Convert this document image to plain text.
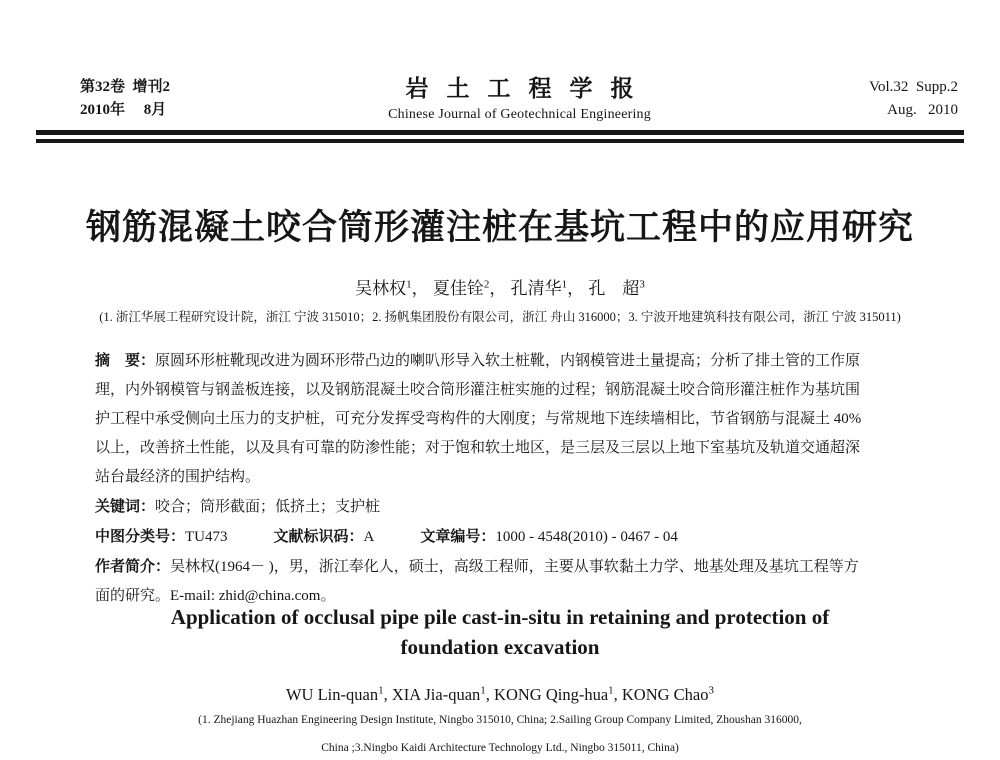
第32卷  增刊2
2010年　 8月
岩土工程学报
Chinese Journal of Geotechnical Engineering
Vol.32  Supp.2
Aug.   2010
钢筋混凝土咬合筒形灌注桩在基坑工程中的应用研究
吴林权$^1$， 夏佳铨$^2$， 孔清华$^1$， 孔　超$^3$
(1. 浙江华展工程研究设计院，浙江 宁波 315010；2. 扬帆集团股份有限公司，浙江 舟山 316000；3. 宁波开地建筑科技有限公司，浙江 宁波 315011)
摘　要：原圆环形桩靴现改进为圆环形带凸边的喇叭形导入软土桩靴，内钢模管进土量提高；分析了排土管的工作原
理，内外钢模管与钢盖板连接，以及钢筋混凝土咬合筒形灌注桩实施的过程；钢筋混凝土咬合筒形灌注桩作为基坑围
护工程中承受侧向土压力的支护桩，可充分发挥受弯构件的大刚度；与常规地下连续墙相比，节省钢筋与混凝土 40%
以上，改善挤土性能，以及具有可靠的防渗性能；对于饱和软土地区，是三层及三层以上地下室基坑及轨道交通超深
站台最经济的围护结构。
关键词：咬合；筒形截面；低挤土；支护桩
中图分类号：TU473	文献标识码：A	文章编号：1000 - 4548(2010) - 0467 - 04
作者简介：吴林权(1964－ )，男，浙江奉化人，硕士，高级工程师，主要从事软黏土力学、地基处理及基坑工程等方
面的研究。E-mail: zhid@china.com。
Application of occlusal pipe pile cast-in-situ in retaining and protection of
foundation excavation
WU Lin-quan$^1$, XIA Jia-quan$^1$, KONG Qing-hua$^1$, KONG Chao$^3$
(1. Zhejiang Huazhan Engineering Design Institute, Ningbo 315010, China; 2.Sailing Group Company Limited, Zhoushan 316000,
China ;3.Ningbo Kaidi Architecture Technology Ltd., Ningbo 315011, China)
